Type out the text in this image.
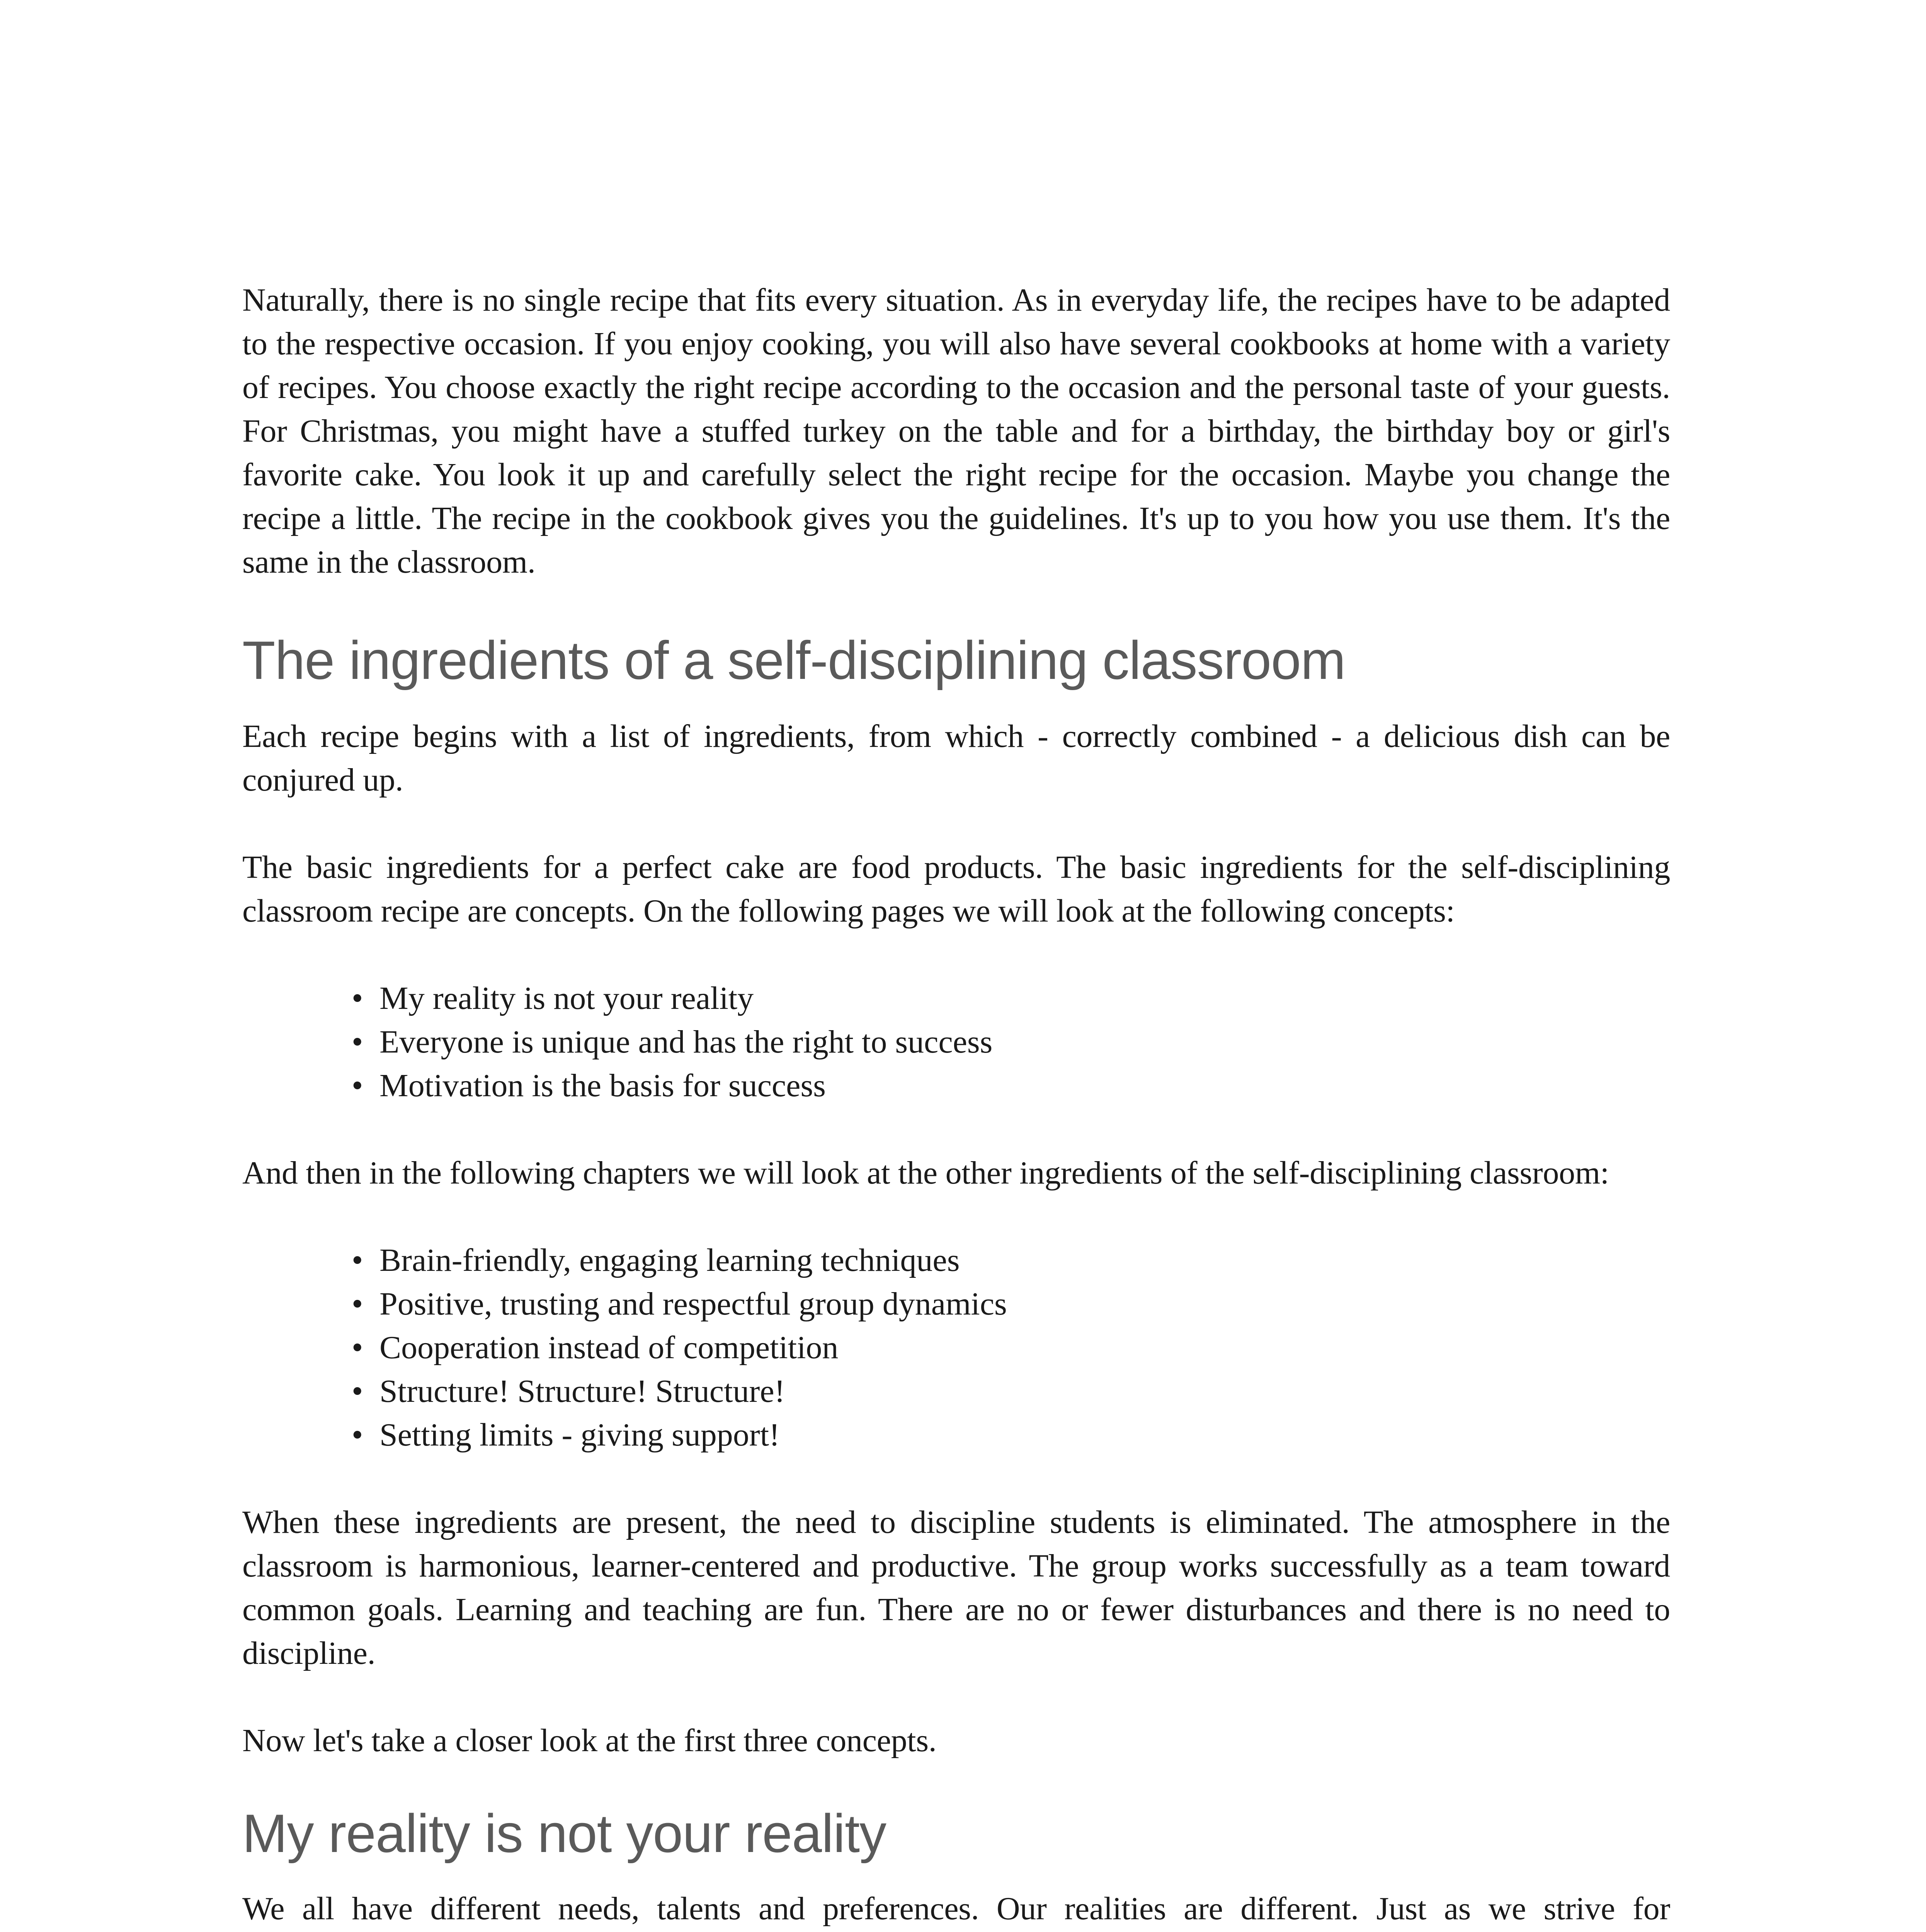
Naturally, there is no single recipe that fits every situation. As in everyday life, the recipes have to be adapted to the respective occasion. If you enjoy cooking, you will also have several cookbooks at home with a variety of recipes. You choose exactly the right recipe according to the occasion and the personal taste of your guests. For Christmas, you might have a stuffed turkey on the table and for a birthday, the birthday boy or girl's favorite cake. You look it up and carefully select the right recipe for the occasion. Maybe you change the recipe a little. The recipe in the cookbook gives you the guidelines. It's up to you how you use them. It's the same in the classroom.

The ingredients of a self-disciplining classroom

Each recipe begins with a list of ingredients, from which - correctly combined - a delicious dish can be conjured up.

The basic ingredients for a perfect cake are food products. The basic ingredients for the self-disciplining classroom recipe are concepts. On the following pages we will look at the following concepts:

• My reality is not your reality
• Everyone is unique and has the right to success
• Motivation is the basis for success

And then in the following chapters we will look at the other ingredients of the self-disciplining classroom:

• Brain-friendly, engaging learning techniques
• Positive, trusting and respectful group dynamics
• Cooperation instead of competition
• Structure! Structure! Structure!
• Setting limits - giving support!

When these ingredients are present, the need to discipline students is eliminated. The atmosphere in the classroom is harmonious, learner-centered and productive. The group works successfully as a team toward common goals. Learning and teaching are fun. There are no or fewer disturbances and there is no need to discipline.

Now let's take a closer look at the first three concepts.

My reality is not your reality

We all have different needs, talents and preferences. Our realities are different. Just as we strive for
